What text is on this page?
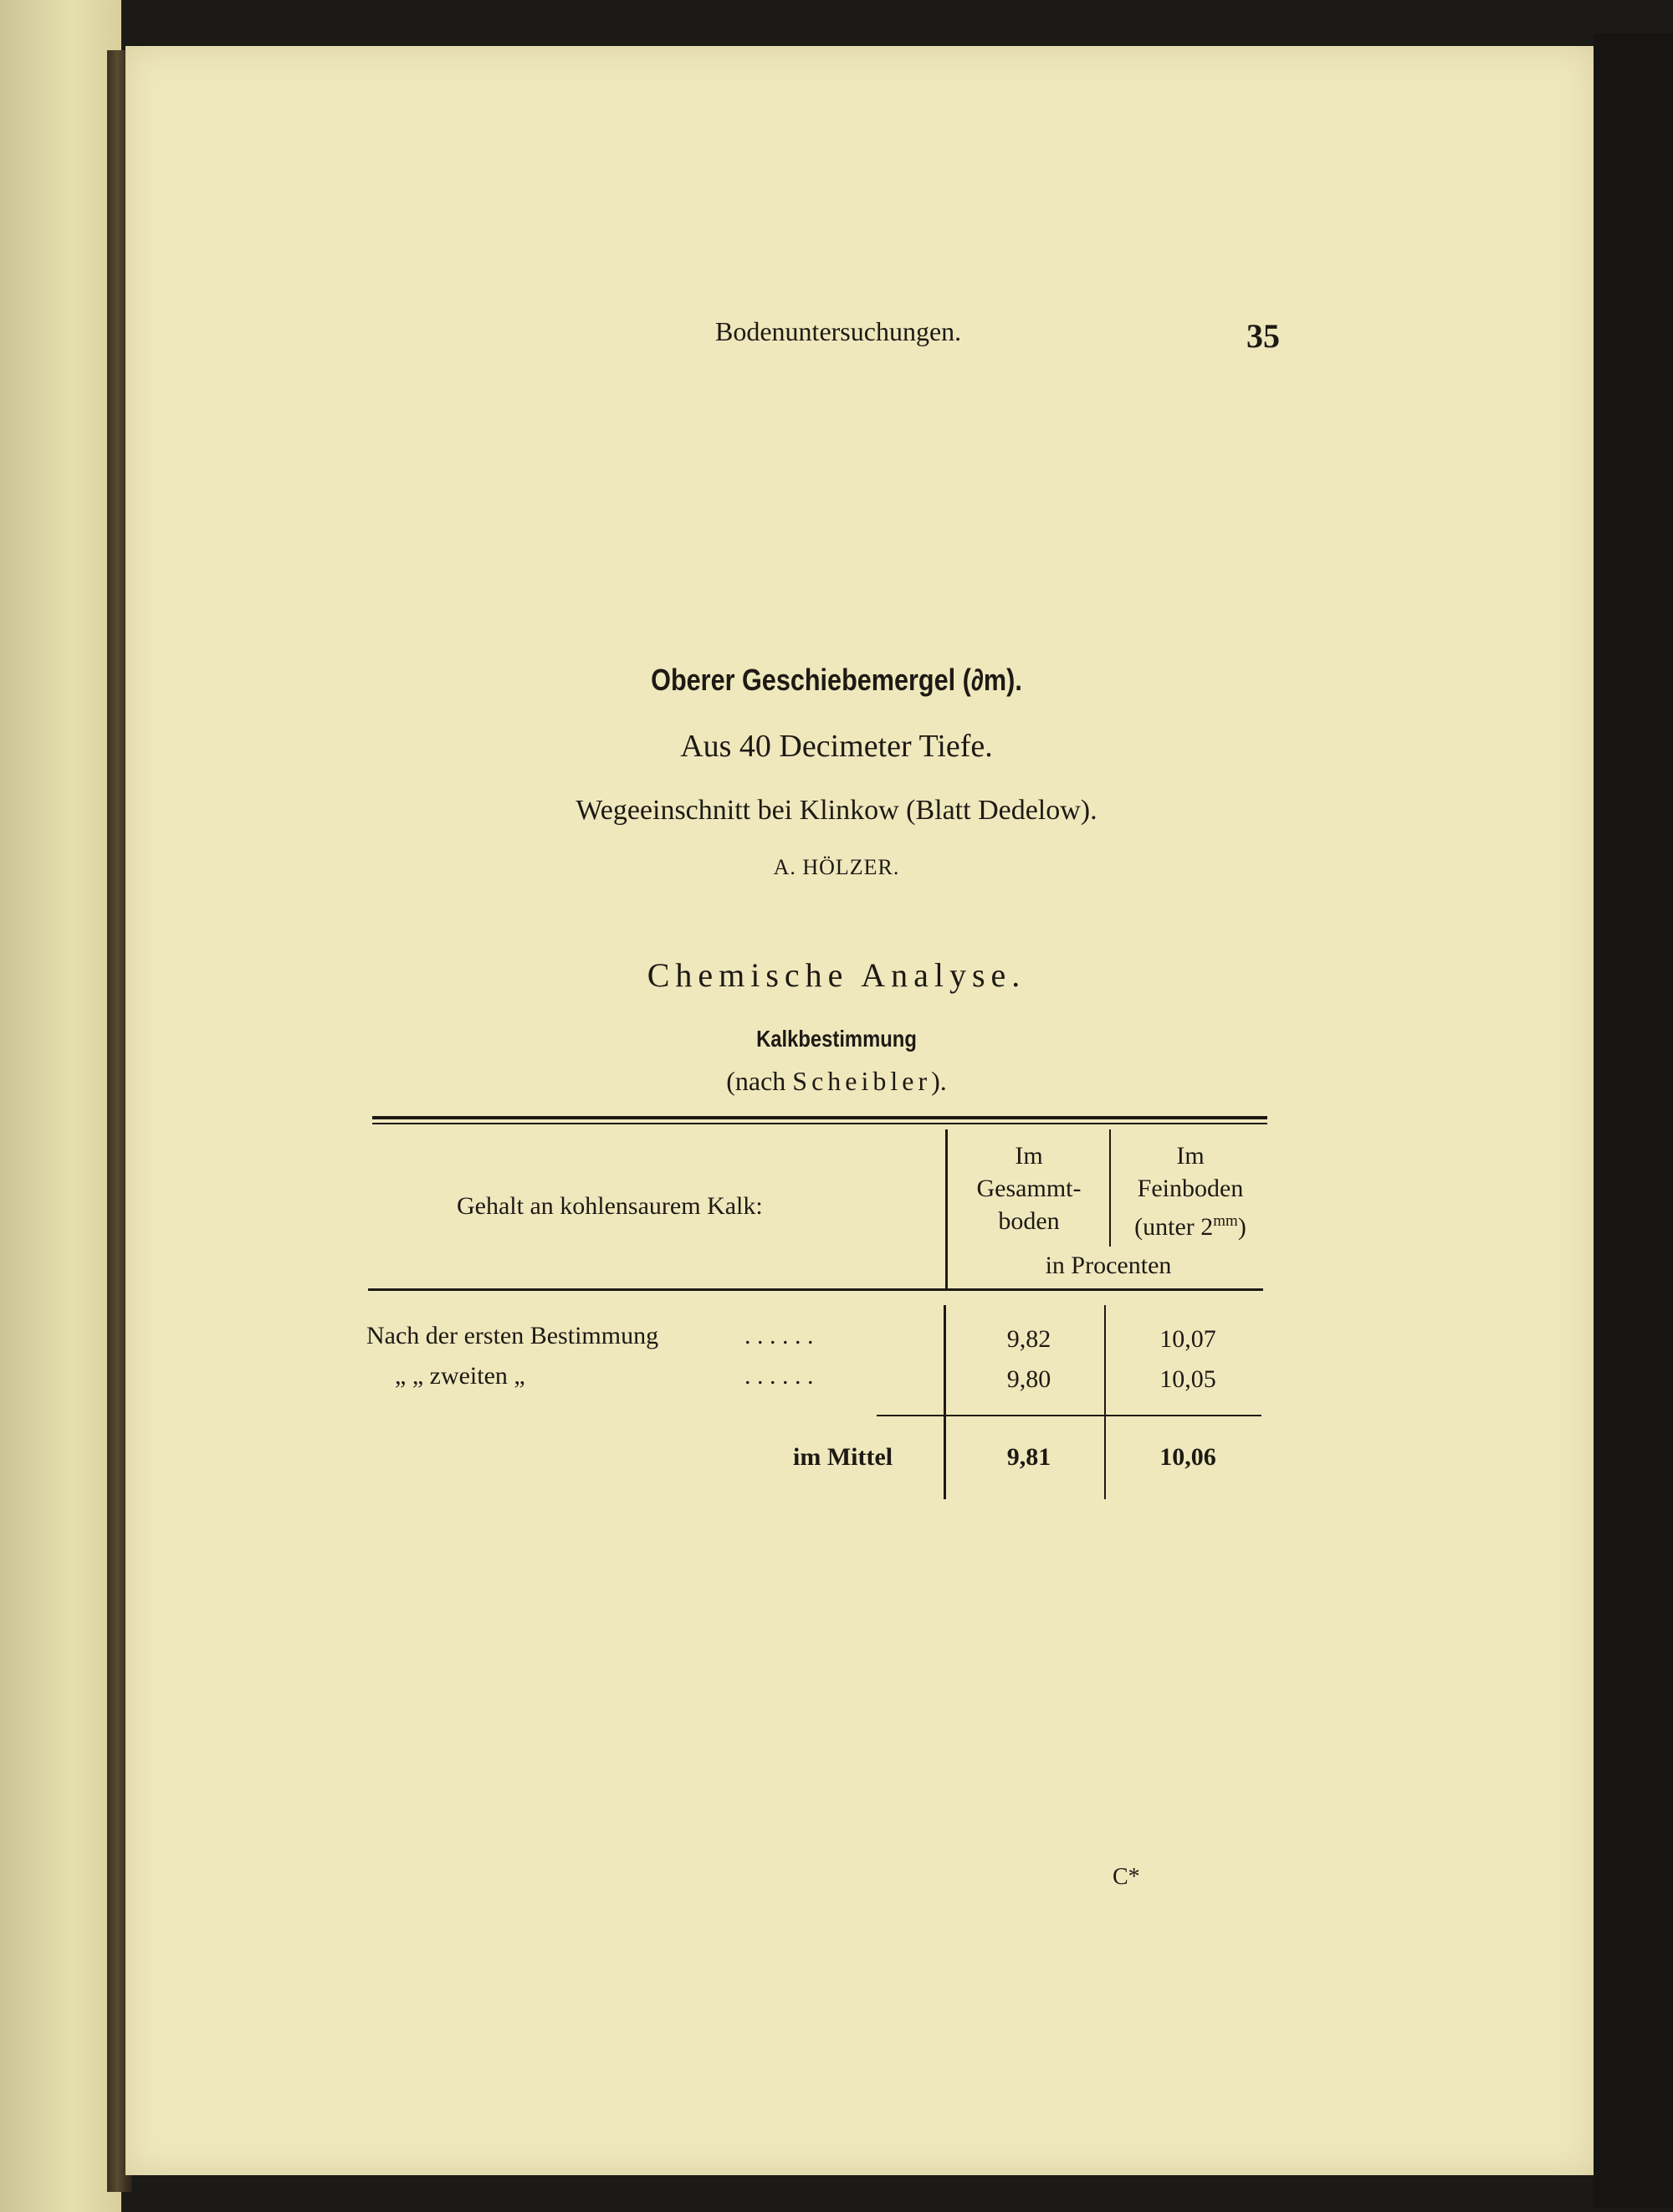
Bodenuntersuchungen.	35
Oberer Geschiebemergel (∂m).
Aus 40 Decimeter Tiefe.
Wegeeinschnitt bei Klinkow (Blatt Dedelow).
A. HÖLZER.
Chemische Analyse.
Kalkbestimmung
(nach Scheibler).
Gehalt an kohlensaurem Kalk:
Im
Gesammt-
boden
Im
Feinboden
(unter $2^{mm}$)
in Procenten
Nach der ersten Bestimmung	. . . . . .	9,82	10,07
„ „ zweiten „	. . . . . .	9,80	10,05
im Mittel	9,81	10,06
C*
